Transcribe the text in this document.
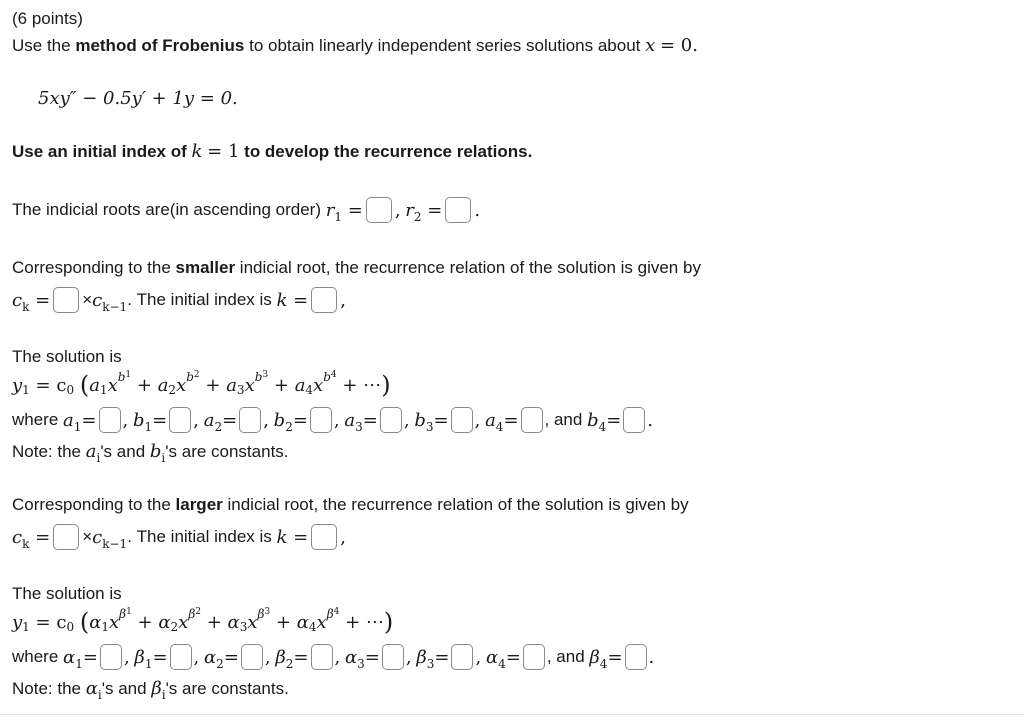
(6 points)
Use the
method of Frobenius
to obtain linearly independent series solutions about
x
= 0.
5xy″ − 0.5y′ + 1y = 0.
Use an initial index of
k
= 1
to develop the recurrence relations.
The indicial roots are(in ascending order)
$r_1$ = ,
$r_2$ = .
Corresponding to the
smaller
indicial root, the recurrence relation of the solution is given by
$c_k$ = × $c_{k-1}$ . The initial index is
k = ,
The solution is
y 1
= c 0
( a 1 x $b^1$
+ a 2 x $b^2$
+ a 3 x $b^3$
+ a 4 x $b^4$
+ ⋯ )
where
$a_1=$ ,
$b_1=$ ,
$a_2=$ ,
$b_2=$ ,
$a_3=$ ,
$b_3=$ ,
$a_4=$ , and
$b_4=$ .
Note: the
$a_i$ 's and
$b_i$ 's are constants.
Corresponding to the
larger
indicial root, the recurrence relation of the solution is given by
$c_k$ = × $c_{k-1}$ . The initial index is
k = ,
The solution is
y 1
= c 0
( α 1 x $\beta^1$
+ α 2 x $\beta^2$
+ α 3 x $\beta^3$
+ α 4 x $\beta^4$
+ ⋯ )
where
$\alpha_1=$ ,
$\beta_1=$ ,
$\alpha_2=$ ,
$\beta_2=$ ,
$\alpha_3=$ ,
$\beta_3=$ ,
$\alpha_4=$ , and
$\beta_4=$ .
Note: the
$\alpha_i$ 's and
$\beta_i$ 's are constants.
